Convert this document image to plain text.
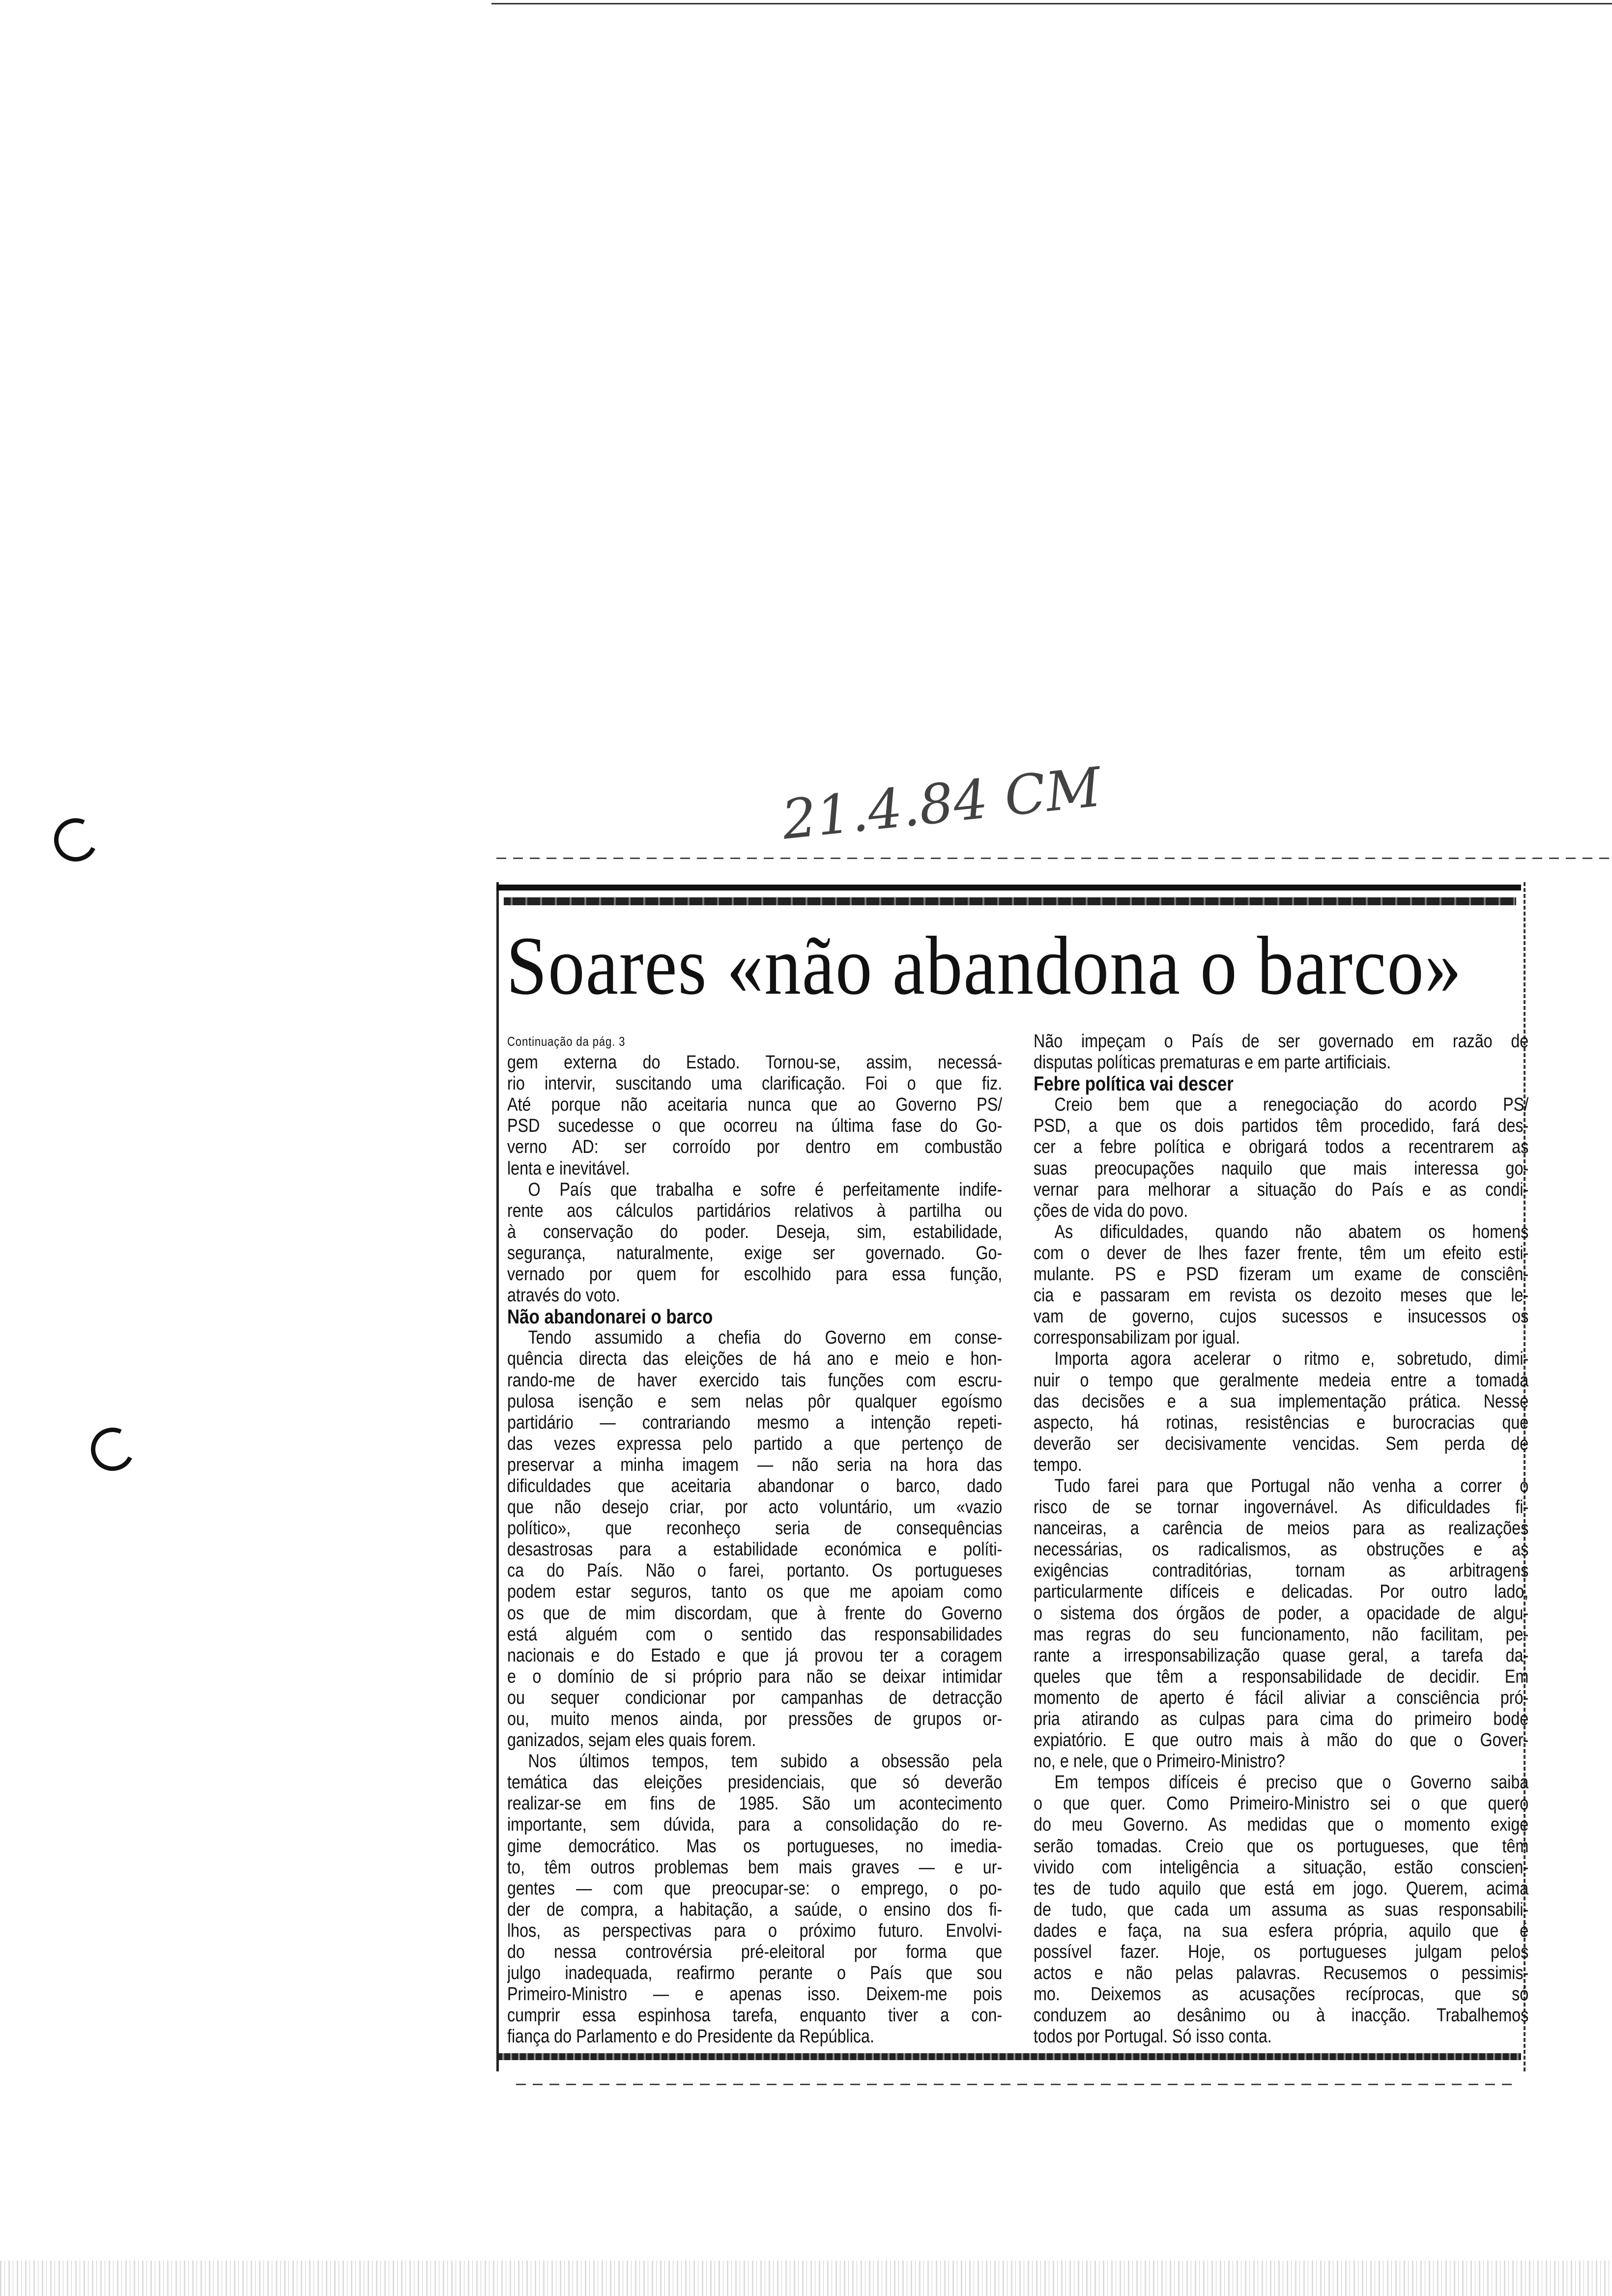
21.4.84 CM
Soares «não abandona o barco»
Continuação da pág. 3
gem externa do Estado. Tornou-se, assim, necessá-
rio intervir, suscitando uma clarificação. Foi o que fiz.
Até porque não aceitaria nunca que ao Governo PS/
PSD sucedesse o que ocorreu na última fase do Go-
verno AD: ser corroído por dentro em combustão
lenta e inevitável.
O País que trabalha e sofre é perfeitamente indife-
rente aos cálculos partidários relativos à partilha ou
à conservação do poder. Deseja, sim, estabilidade,
segurança, naturalmente, exige ser governado. Go-
vernado por quem for escolhido para essa função,
através do voto.
Não abandonarei o barco
Tendo assumido a chefia do Governo em conse-
quência directa das eleições de há ano e meio e hon-
rando-me de haver exercido tais funções com escru-
pulosa isenção e sem nelas pôr qualquer egoísmo
partidário — contrariando mesmo a intenção repeti-
das vezes expressa pelo partido a que pertenço de
preservar a minha imagem — não seria na hora das
dificuldades que aceitaria abandonar o barco, dado
que não desejo criar, por acto voluntário, um «vazio
político», que reconheço seria de consequências
desastrosas para a estabilidade económica e políti-
ca do País. Não o farei, portanto. Os portugueses
podem estar seguros, tanto os que me apoiam como
os que de mim discordam, que à frente do Governo
está alguém com o sentido das responsabilidades
nacionais e do Estado e que já provou ter a coragem
e o domínio de si próprio para não se deixar intimidar
ou sequer condicionar por campanhas de detracção
ou, muito menos ainda, por pressões de grupos or-
ganizados, sejam eles quais forem.
Nos últimos tempos, tem subido a obsessão pela
temática das eleições presidenciais, que só deverão
realizar-se em fins de 1985. São um acontecimento
importante, sem dúvida, para a consolidação do re-
gime democrático. Mas os portugueses, no imedia-
to, têm outros problemas bem mais graves — e ur-
gentes — com que preocupar-se: o emprego, o po-
der de compra, a habitação, a saúde, o ensino dos fi-
lhos, as perspectivas para o próximo futuro. Envolvi-
do nessa controvérsia pré-eleitoral por forma que
julgo inadequada, reafirmo perante o País que sou
Primeiro-Ministro — e apenas isso. Deixem-me pois
cumprir essa espinhosa tarefa, enquanto tiver a con-
fiança do Parlamento e do Presidente da República.
Não impeçam o País de ser governado em razão de
disputas políticas prematuras e em parte artificiais.
Febre política vai descer
Creio bem que a renegociação do acordo PS/
PSD, a que os dois partidos têm procedido, fará des-
cer a febre política e obrigará todos a recentrarem as
suas preocupações naquilo que mais interessa go-
vernar para melhorar a situação do País e as condi-
ções de vida do povo.
As dificuldades, quando não abatem os homens
com o dever de lhes fazer frente, têm um efeito esti-
mulante. PS e PSD fizeram um exame de consciên-
cia e passaram em revista os dezoito meses que le-
vam de governo, cujos sucessos e insucessos os
corresponsabilizam por igual.
Importa agora acelerar o ritmo e, sobretudo, dimi-
nuir o tempo que geralmente medeia entre a tomada
das decisões e a sua implementação prática. Nesse
aspecto, há rotinas, resistências e burocracias que
deverão ser decisivamente vencidas. Sem perda de
tempo.
Tudo farei para que Portugal não venha a correr o
risco de se tornar ingovernável. As dificuldades fi-
nanceiras, a carência de meios para as realizações
necessárias, os radicalismos, as obstruções e as
exigências contraditórias, tornam as arbitragens
particularmente difíceis e delicadas. Por outro lado,
o sistema dos órgãos de poder, a opacidade de algu-
mas regras do seu funcionamento, não facilitam, pe-
rante a irresponsabilização quase geral, a tarefa da-
queles que têm a responsabilidade de decidir. Em
momento de aperto é fácil aliviar a consciência pró-
pria atirando as culpas para cima do primeiro bode
expiatório. E que outro mais à mão do que o Gover-
no, e nele, que o Primeiro-Ministro?
Em tempos difíceis é preciso que o Governo saiba
o que quer. Como Primeiro-Ministro sei o que quero
do meu Governo. As medidas que o momento exige
serão tomadas. Creio que os portugueses, que têm
vivido com inteligência a situação, estão conscien-
tes de tudo aquilo que está em jogo. Querem, acima
de tudo, que cada um assuma as suas responsabili-
dades e faça, na sua esfera própria, aquilo que é
possível fazer. Hoje, os portugueses julgam pelos
actos e não pelas palavras. Recusemos o pessimis-
mo. Deixemos as acusações recíprocas, que só
conduzem ao desânimo ou à inacção. Trabalhemos
todos por Portugal. Só isso conta.
